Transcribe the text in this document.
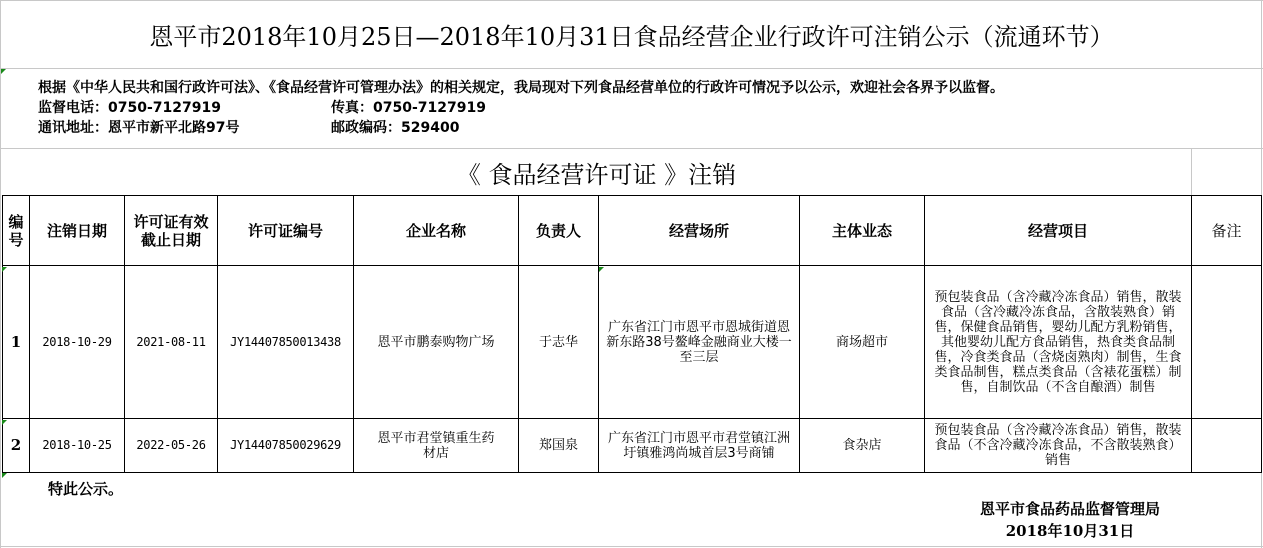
恩平市2018年10月25日—2018年10月31日食品经营企业行政许可注销公示（流通环节）
根据《中华人民共和国行政许可法》、《食品经营许可管理办法》的相关规定，我局现对下列食品经营单位的行政许可情况予以公示，欢迎社会各界予以监督。
监督电话：0750-7127919	传真：0750-7127919
通讯地址：恩平市新平北路97号	邮政编码：529400
《 食品经营许可证 》注销
编号	注销日期	许可证有效截止日期	许可证编号	企业名称	负责人	经营场所	主体业态	经营项目	备注
1	2018-10-29	2021-08-11	JY14407850013438	恩平市鹏泰购物广场	于志华	广东省江门市恩平市恩城街道恩新东路38号鳌峰金融商业大楼一至三层	商场超市	预包装食品（含冷藏冷冻食品）销售，散装食品（含冷藏冷冻食品，含散装熟食）销售，保健食品销售，婴幼儿配方乳粉销售，其他婴幼儿配方食品销售，热食类食品制售，冷食类食品（含烧卤熟肉）制售，生食类食品制售，糕点类食品（含裱花蛋糕）制售，自制饮品（不含自酿酒）制售	
2	2018-10-25	2022-05-26	JY14407850029629	恩平市君堂镇重生药材店	郑国泉	广东省江门市恩平市君堂镇江洲圩镇雅鸿尚城首层3号商铺	食杂店	预包装食品（含冷藏冷冻食品）销售，散装食品（不含冷藏冷冻食品，不含散装熟食）销售	
特此公示。
恩平市食品药品监督管理局
2018年10月31日
